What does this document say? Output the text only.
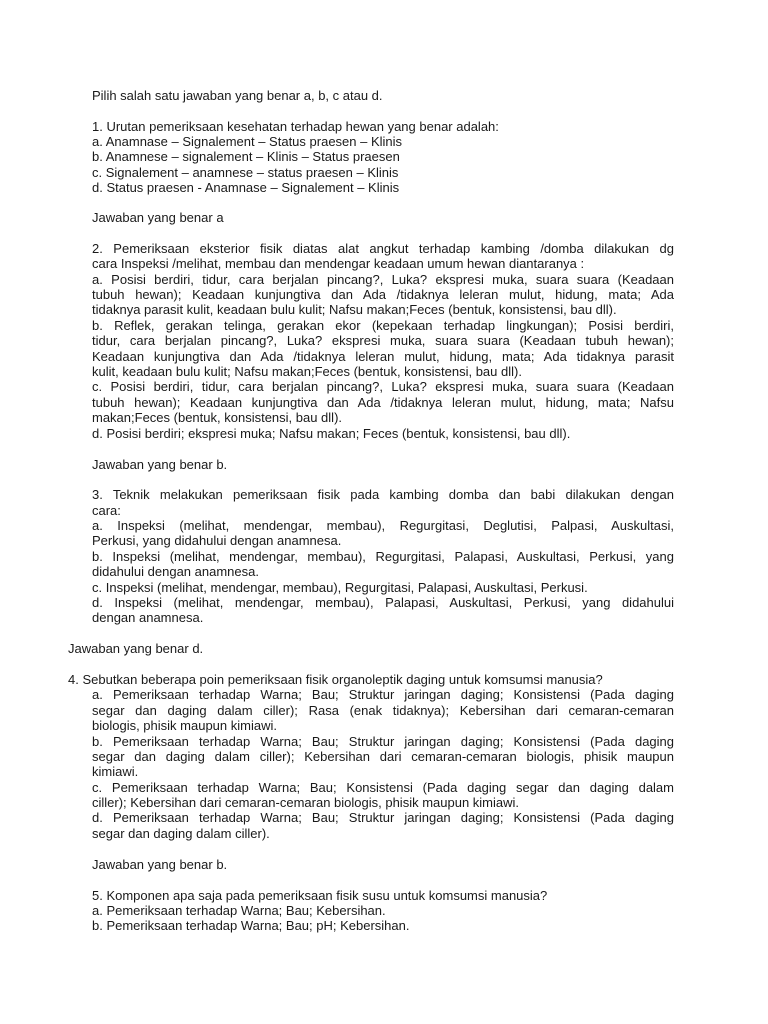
Pilih salah satu jawaban yang benar a, b, c atau d.
1. Urutan pemeriksaan kesehatan terhadap hewan yang benar adalah:
a. Anamnase – Signalement – Status praesen – Klinis
b. Anamnese – signalement – Klinis – Status praesen
c. Signalement – anamnese – status praesen – Klinis
d. Status praesen - Anamnase – Signalement – Klinis
Jawaban yang benar a
2. Pemeriksaan eksterior fisik diatas alat angkut terhadap kambing /domba dilakukan dg
cara Inspeksi /melihat, membau dan mendengar keadaan umum hewan diantaranya :
a. Posisi berdiri, tidur, cara berjalan pincang?, Luka? ekspresi muka, suara suara (Keadaan
tubuh hewan); Keadaan kunjungtiva dan Ada /tidaknya leleran mulut, hidung, mata; Ada
tidaknya parasit kulit, keadaan bulu kulit; Nafsu makan;Feces (bentuk, konsistensi, bau dll).
b. Reflek, gerakan telinga, gerakan ekor (kepekaan terhadap lingkungan); Posisi berdiri,
tidur, cara berjalan pincang?, Luka? ekspresi muka, suara suara (Keadaan tubuh hewan);
Keadaan kunjungtiva dan Ada /tidaknya leleran mulut, hidung, mata; Ada tidaknya parasit
kulit, keadaan bulu kulit; Nafsu makan;Feces (bentuk, konsistensi, bau dll).
c. Posisi berdiri, tidur, cara berjalan pincang?, Luka? ekspresi muka, suara suara (Keadaan
tubuh hewan); Keadaan kunjungtiva dan Ada /tidaknya leleran mulut, hidung, mata; Nafsu
makan;Feces (bentuk, konsistensi, bau dll).
d. Posisi berdiri; ekspresi muka; Nafsu makan; Feces (bentuk, konsistensi, bau dll).
Jawaban yang benar b.
3. Teknik melakukan pemeriksaan fisik pada kambing domba dan babi dilakukan dengan
cara:
a. Inspeksi (melihat, mendengar, membau), Regurgitasi, Deglutisi, Palpasi, Auskultasi,
Perkusi, yang didahului dengan anamnesa.
b. Inspeksi (melihat, mendengar, membau), Regurgitasi, Palapasi, Auskultasi, Perkusi, yang
didahului dengan anamnesa.
c. Inspeksi (melihat, mendengar, membau), Regurgitasi, Palapasi, Auskultasi, Perkusi.
d. Inspeksi (melihat, mendengar, membau), Palapasi, Auskultasi, Perkusi, yang didahului
dengan anamnesa.
Jawaban yang benar d.
4. Sebutkan beberapa poin pemeriksaan fisik organoleptik daging untuk komsumsi manusia?
a. Pemeriksaan terhadap Warna; Bau; Struktur jaringan daging; Konsistensi (Pada daging
segar dan daging dalam ciller); Rasa (enak tidaknya); Kebersihan dari cemaran-cemaran
biologis, phisik maupun kimiawi.
b. Pemeriksaan terhadap Warna; Bau; Struktur jaringan daging; Konsistensi (Pada daging
segar dan daging dalam ciller); Kebersihan dari cemaran-cemaran biologis, phisik maupun
kimiawi.
c. Pemeriksaan terhadap Warna; Bau; Konsistensi (Pada daging segar dan daging dalam
ciller); Kebersihan dari cemaran-cemaran biologis, phisik maupun kimiawi.
d. Pemeriksaan terhadap Warna; Bau; Struktur jaringan daging; Konsistensi (Pada daging
segar dan daging dalam ciller).
Jawaban yang benar b.
5. Komponen apa saja pada pemeriksaan fisik susu untuk komsumsi manusia?
a. Pemeriksaan terhadap Warna; Bau; Kebersihan.
b. Pemeriksaan terhadap Warna; Bau; pH; Kebersihan.
